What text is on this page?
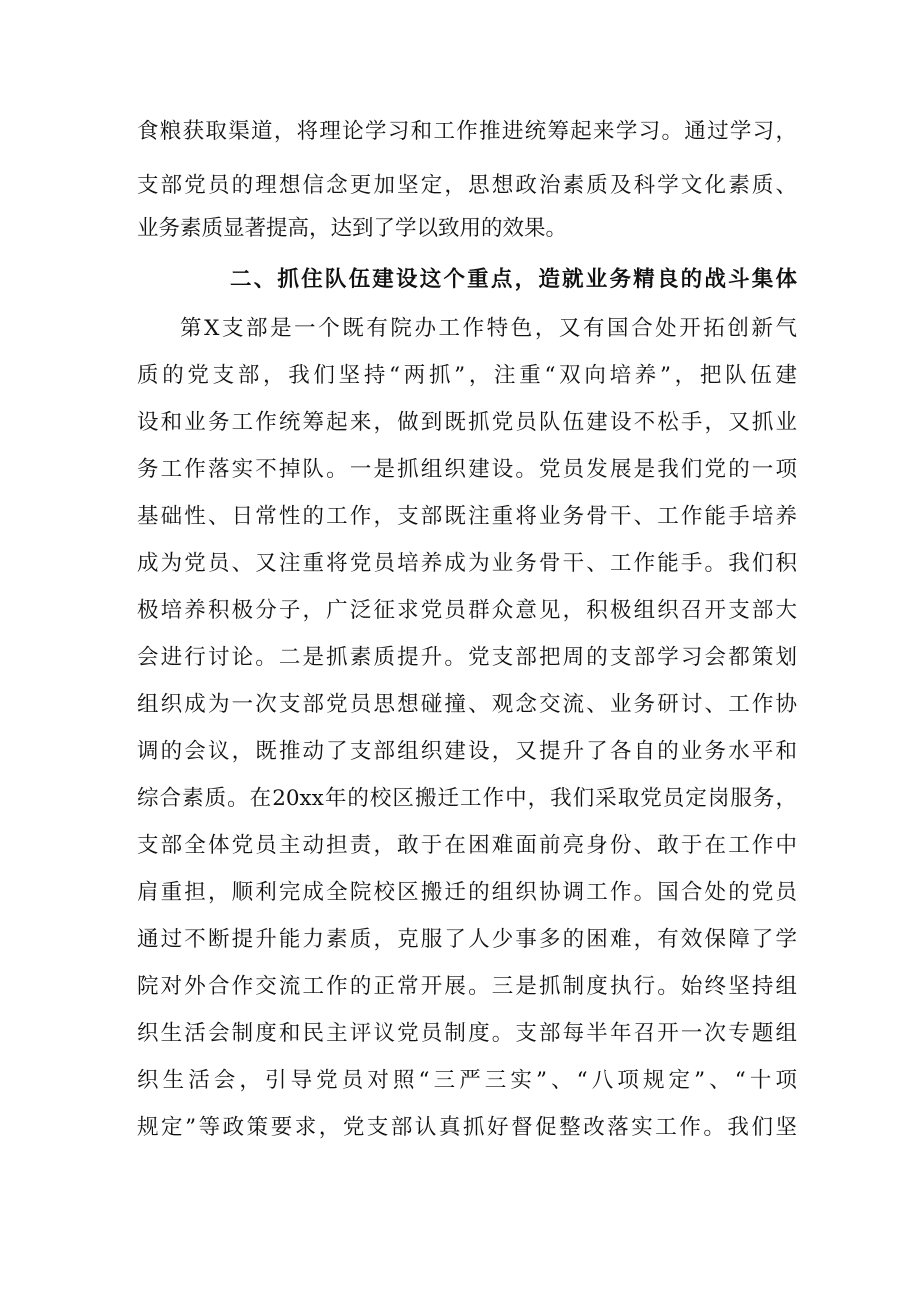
食粮获取渠道，将理论学习和工作推进统筹起来学习。通过学习，
支部党员的理想信念更加坚定，思想政治素质及科学文化素质、
业务素质显著提高，达到了学以致用的效果。
二、抓住队伍建设这个重点，造就业务精良的战斗集体
第X支部是一个既有院办工作特色，又有国合处开拓创新气
质的党支部，我们坚持“两抓”，注重“双向培养”，把队伍建
设和业务工作统筹起来，做到既抓党员队伍建设不松手，又抓业
务工作落实不掉队。一是抓组织建设。党员发展是我们党的一项
基础性、日常性的工作，支部既注重将业务骨干、工作能手培养
成为党员、又注重将党员培养成为业务骨干、工作能手。我们积
极培养积极分子，广泛征求党员群众意见，积极组织召开支部大
会进行讨论。二是抓素质提升。党支部把周的支部学习会都策划
组织成为一次支部党员思想碰撞、观念交流、业务研讨、工作协
调的会议，既推动了支部组织建设，又提升了各自的业务水平和
综合素质。在20xx年的校区搬迁工作中，我们采取党员定岗服务，
支部全体党员主动担责，敢于在困难面前亮身份、敢于在工作中
肩重担，顺利完成全院校区搬迁的组织协调工作。国合处的党员
通过不断提升能力素质，克服了人少事多的困难，有效保障了学
院对外合作交流工作的正常开展。三是抓制度执行。始终坚持组
织生活会制度和民主评议党员制度。支部每半年召开一次专题组
织生活会，引导党员对照“三严三实”、“八项规定”、“十项
规定”等政策要求，党支部认真抓好督促整改落实工作。我们坚
